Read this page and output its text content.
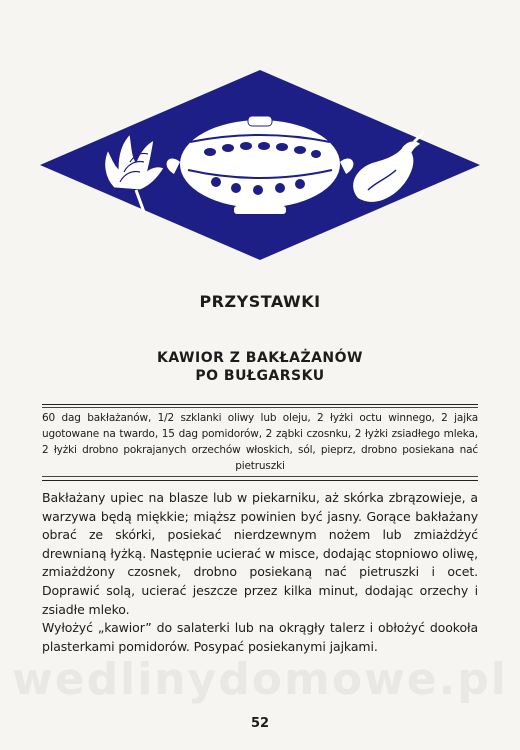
PRZYSTAWKI
KAWIOR Z BAKŁAŻANÓW
PO BUŁGARSKU
60 dag bakłażanów, 1/2 szklanki oliwy lub oleju, 2 łyżki octu winnego, 2 jajka ugotowane na twardo, 15 dag pomidorów, 2 ząbki czosnku, 2 łyżki zsiadłego mleka, 2 łyżki drobno pokrajanych orzechów włoskich, sól, pieprz, drobno posiekana nać pietruszki

Bakłażany upiec na blasze lub w piekarniku, aż skórka zbrązowieje, a warzywa będą miękkie; miąższ powinien być jasny. Gorące bakłażany obrać ze skórki, posiekać nierdzewnym nożem lub zmiażdżyć drewnianą łyżką. Następnie ucierać w misce, dodając stopniowo oliwę, zmiażdżony czosnek, drobno posiekaną nać pietruszki i ocet. Doprawić solą, ucierać jeszcze przez kilka minut, dodając orzechy i zsiadłe mleko.

Wyłożyć „kawior” do salaterki lub na okrągły talerz i obłożyć dookoła plasterkami pomidorów. Posypać posiekanymi jajkami.

wedlinydomowe.pl
52
